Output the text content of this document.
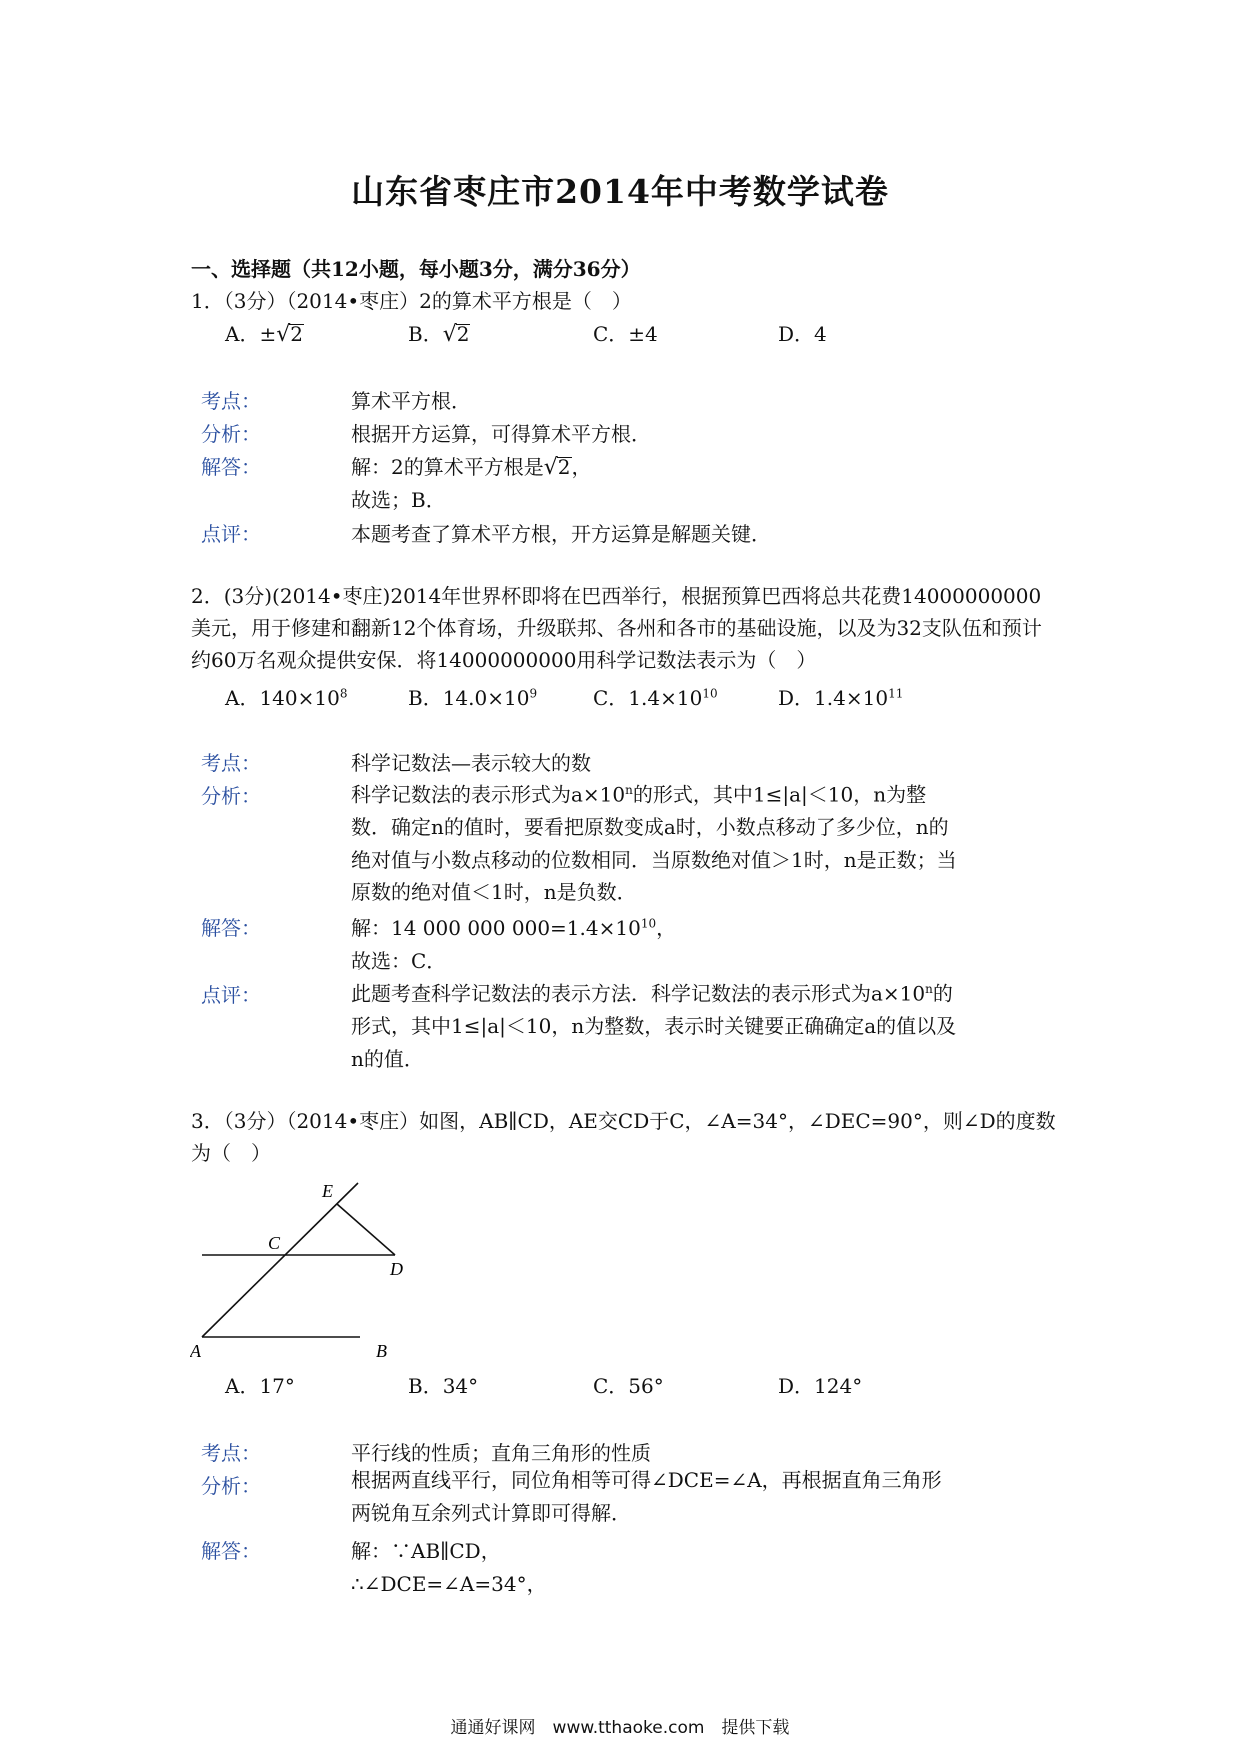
山东省枣庄市2014年中考数学试卷
一、选择题（共12小题，每小题3分，满分36分）
1．（3分）（2014•枣庄）2的算术平方根是（　）
A．±√2	B．√2	C．±4	D．4
考点：	算术平方根．
分析：	根据开方运算，可得算术平方根．
解答：	解：2的算术平方根是√2，
故选；B．
点评：	本题考查了算术平方根，开方运算是解题关键．
2．(3分)(2014•枣庄)2014年世界杯即将在巴西举行，根据预算巴西将总共花费14000000000美元，用于修建和翻新12个体育场，升级联邦、各州和各市的基础设施，以及为32支队伍和预计约60万名观众提供安保．将14000000000用科学记数法表示为（　）
A．$140\times 10^8$	B．$14.0\times 10^9$	C．$1.4\times 10^{10}$	D．$1.4\times 10^{11}$
考点：	科学记数法—表示较大的数
分析：	科学记数法的表示形式为$a\times 10^n$的形式，其中1≤|a|＜10，n为整数．确定n的值时，要看把原数变成a时，小数点移动了多少位，n的绝对值与小数点移动的位数相同．当原数绝对值＞1时，n是正数；当原数的绝对值＜1时，n是负数．
解答：	解：14 000 000 $000=1.4\times 10^{10}$，
故选：C．
点评：	此题考查科学记数法的表示方法．科学记数法的表示形式为$a\times 10^n$的形式，其中1≤|a|＜10，n为整数，表示时关键要正确确定a的值以及n的值．
3．（3分）（2014•枣庄）如图，AB∥CD，AE交CD于C，∠A=34°，∠DEC=90°，则∠D的度数为（　）
E
C
D
A	B
A．17°	B．34°	C．56°	D．124°
考点：	平行线的性质；直角三角形的性质
分析：	根据两直线平行，同位角相等可得∠DCE=∠A，再根据直角三角形两锐角互余列式计算即可得解．
解答：	解：∵AB∥CD，
∴∠DCE=∠A=34°，
通通好课网　www.tthaoke.com　提供下载
